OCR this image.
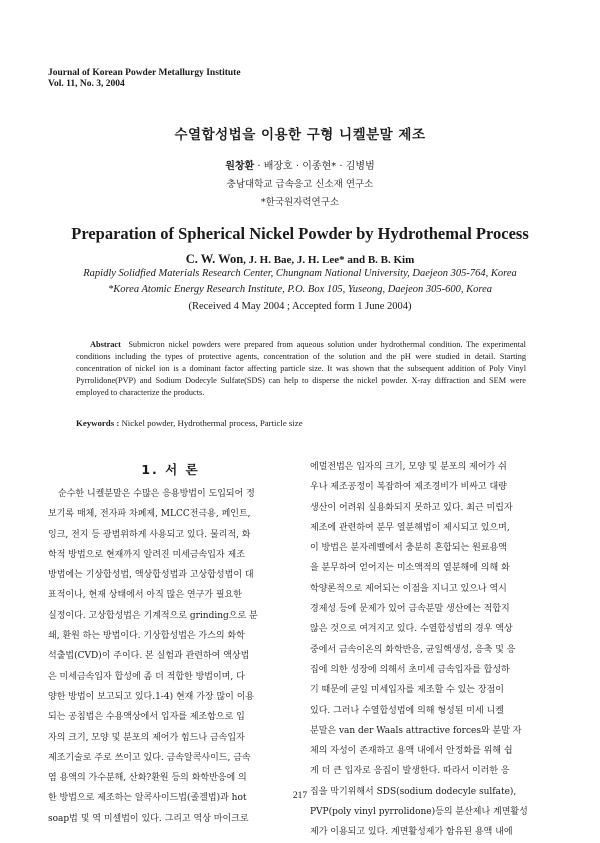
Journal of Korean Powder Metallurgy Institute
Vol. 11, No. 3, 2004
수열합성법을 이용한 구형 니켈분말 제조
원창환 · 배장호 · 이종현* · 김병범
충남대학교 급속응고 신소재 연구소
*한국원자력연구소
Preparation of Spherical Nickel Powder by Hydrothemal Process
C. W. Won, J. H. Bae, J. H. Lee* and B. B. Kim
Rapidly Solidfied Materials Research Center, Chungnam National University, Daejeon 305-764, Korea
*Korea Atomic Energy Research Institute, P.O. Box 105, Yuseong, Daejeon 305-600, Korea
(Received 4 May 2004 ; Accepted form 1 June 2004)
Abstract Submicron nickel powders were prepared from aqueous solution under hydrothermal condition. The experimental conditions including the types of protective agents, concentration of the solution and the pH were studied in detail. Starting concentration of nickel ion is a dominant factor affecting particle size. It was shown that the subsequent addition of Poly Vinyl Pyrrolidone(PVP) and Sodium Dodecyle Sulfate(SDS) can help to disperse the nickel powder. X-ray diffraction and SEM were employed to characterize the products.
Keywords : Nickel powder, Hydrothermal process, Particle size
1. 서 론
순수한 니켈분말은 수많은 응용방법이 도입되어 정
보기록 매체, 전자파 차폐제, MLCC전극용, 페인트,
잉크, 전지 등 광범위하게 사용되고 있다. 물리적, 화
학적 방법으로 현재까지 알려진 미세금속입자 제조
방법에는 기상합성법, 액상합성법과 고상합성법이 대
표적이나, 현재 상태에서 아직 많은 연구가 필요한
실정이다. 고상합성법은 기계적으로 grinding으로 분
쇄, 환원 하는 방법이다. 기상합성법은 가스의 화학
석출법(CVD)이 주이다. 본 실험과 관련하여 액상법
은 미세금속입자 합성에 좀 더 적합한 방법이며, 다
양한 방법이 보고되고 있다.1-4) 현재 가장 많이 이용
되는 공침법은 수용액상에서 입자를 제조함으로 입
자의 크기, 모양 및 분포의 제어가 힘드나 금속입자
제조기술로 주로 쓰이고 있다. 금속알콕사이드, 금속
염 용액의 가수분해, 산화?환원 등의 화학반응에 의
한 방법으로 제조하는 알콕사이드법(졸겔법)과 hot
soap법 및 역 미셀법이 있다. 그리고 역상 마이크로
에멀전법은 입자의 크기, 모양 및 분포의 제어가 쉬
우나 제조공정이 복잡하여 제조경비가 비싸고 대량
생산이 어려워 실용화되지 못하고 있다. 최근 미립자
제조에 관련하여 분무 열분해법이 제시되고 있으며,
이 방법은 분자레벨에서 충분히 혼합되는 원료용액
을 분무하여 얻어지는 미소액적의 열분해에 의해 화
학양론적으로 제어되는 이점을 지니고 있으나 역시
경제성 등에 문제가 있어 금속분말 생산에는 적합지
않은 것으로 여겨지고 있다. 수열합성법의 경우 액상
중에서 금속이온의 화학반응, 균일핵생성, 응축 및 응
집에 의한 성장에 의해서 초미세 금속입자를 합성하
기 때문에 균일 미세입자를 제조할 수 있는 장점이
있다. 그러나 수열합성법에 의해 형성된 미세 니켈
분말은 van der Waals attractive forces와 분말 자
체의 자성이 존재하고 용액 내에서 안정화를 위해 쉽
게 더 큰 입자로 응집이 발생한다. 따라서 이러한 응
집을 막기위해서 SDS(sodium dodecyle sulfate),
PVP(poly vinyl pyrrolidone)등의 분산제나 계면활성
제가 이용되고 있다. 계면활성제가 함유된 용액 내에
217
